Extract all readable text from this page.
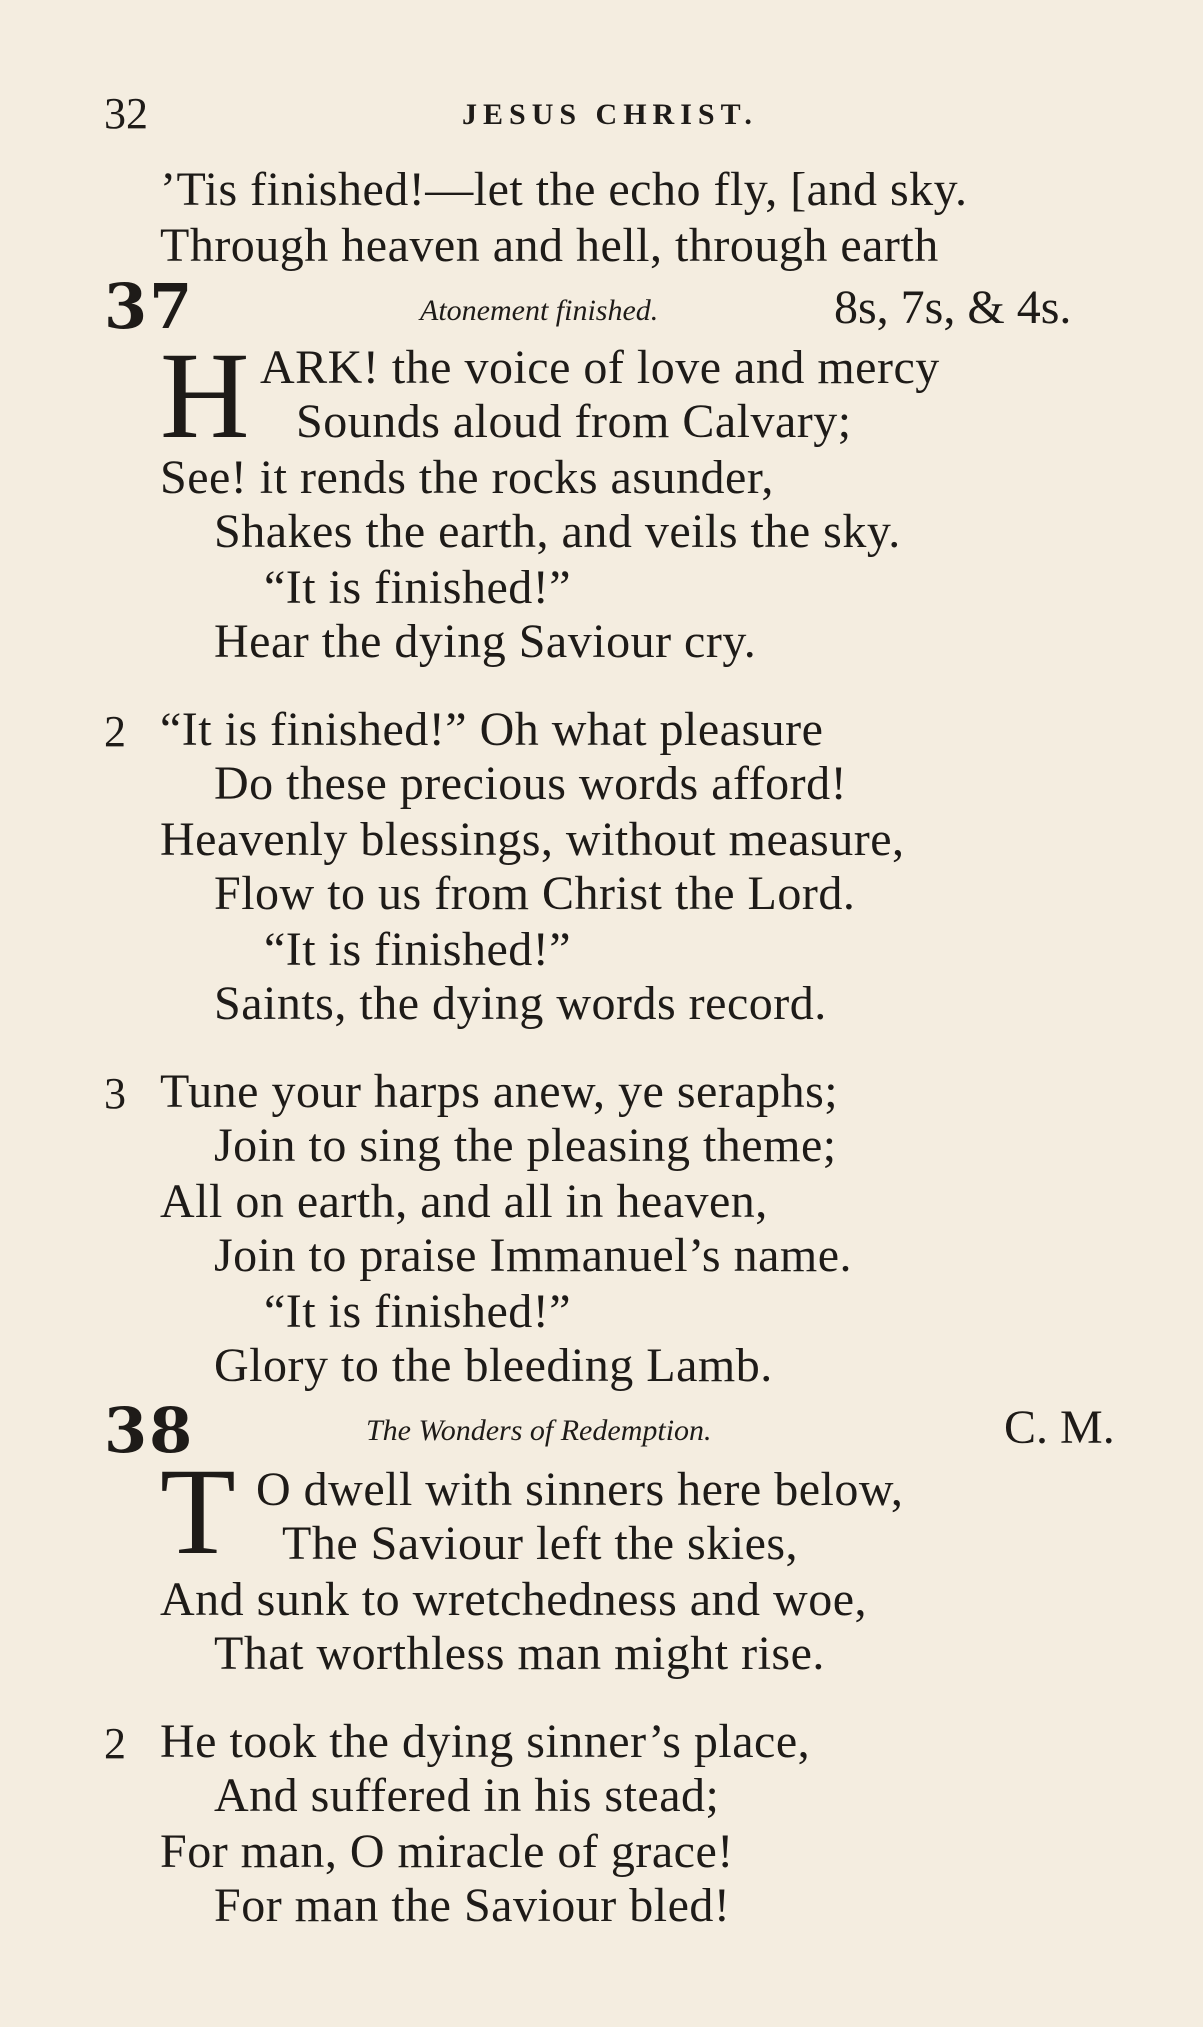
32	JESUS CHRIST.
’Tis finished!—let the echo fly, [and sky.
Through heaven and hell, through earth
37	Atonement finished.	8s, 7s, & 4s.
H ARK! the voice of love and mercy
Sounds aloud from Calvary;
See! it rends the rocks asunder,
Shakes the earth, and veils the sky.
“It is finished!”
Hear the dying Saviour cry.
2 “It is finished!” Oh what pleasure
Do these precious words afford!
Heavenly blessings, without measure,
Flow to us from Christ the Lord.
“It is finished!”
Saints, the dying words record.
3 Tune your harps anew, ye seraphs;
Join to sing the pleasing theme;
All on earth, and all in heaven,
Join to praise Immanuel’s name.
“It is finished!”
Glory to the bleeding Lamb.
38	The Wonders of Redemption.	C. M.
T O dwell with sinners here below,
The Saviour left the skies,
And sunk to wretchedness and woe,
That worthless man might rise.
2 He took the dying sinner’s place,
And suffered in his stead;
For man, O miracle of grace!
For man the Saviour bled!
